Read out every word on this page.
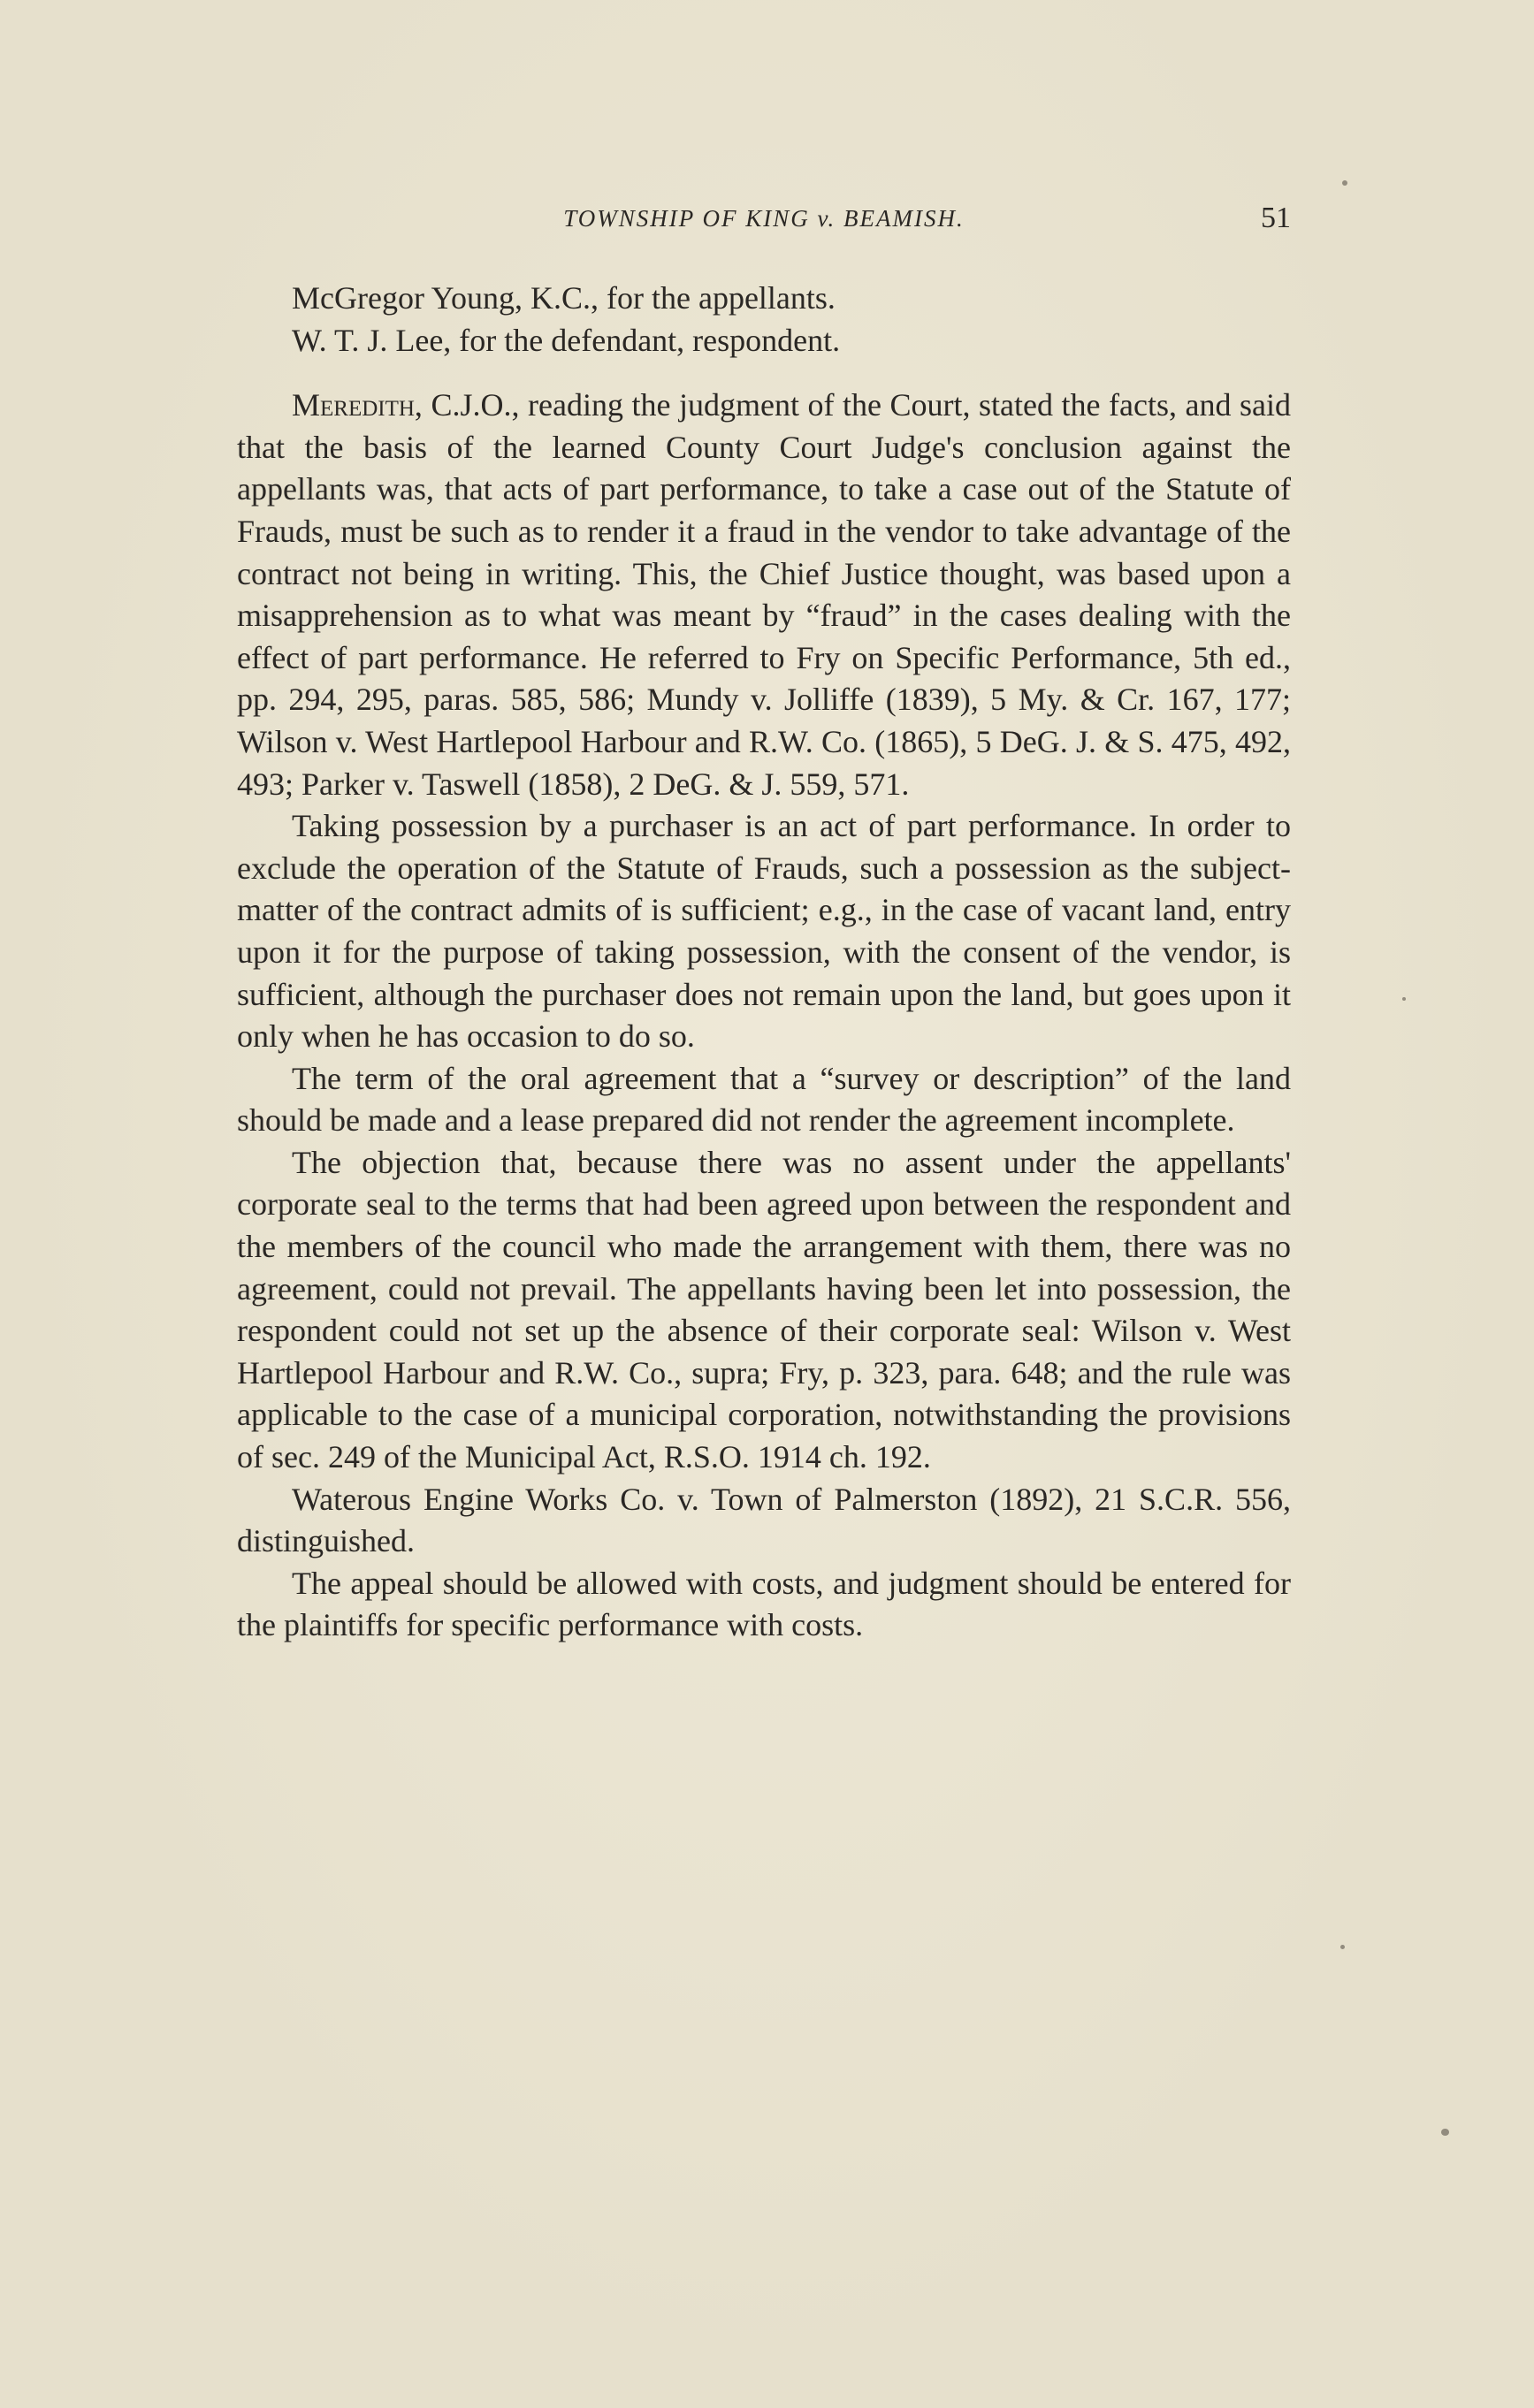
TOWNSHIP OF KING v. BEAMISH.	51

McGregor Young, K.C., for the appellants.

W. T. J. Lee, for the defendant, respondent.

Meredith, C.J.O., reading the judgment of the Court, stated the facts, and said that the basis of the learned County Court Judge's conclusion against the appellants was, that acts of part performance, to take a case out of the Statute of Frauds, must be such as to render it a fraud in the vendor to take advantage of the contract not being in writing. This, the Chief Justice thought, was based upon a misapprehension as to what was meant by “fraud” in the cases dealing with the effect of part performance. He referred to Fry on Specific Performance, 5th ed., pp. 294, 295, paras. 585, 586; Mundy v. Jolliffe (1839), 5 My. & Cr. 167, 177; Wilson v. West Hartlepool Harbour and R.W. Co. (1865), 5 DeG. J. & S. 475, 492, 493; Parker v. Taswell (1858), 2 DeG. & J. 559, 571.

Taking possession by a purchaser is an act of part performance. In order to exclude the operation of the Statute of Frauds, such a possession as the subject-matter of the contract admits of is sufficient; e.g., in the case of vacant land, entry upon it for the purpose of taking possession, with the consent of the vendor, is sufficient, although the purchaser does not remain upon the land, but goes upon it only when he has occasion to do so.

The term of the oral agreement that a “survey or description” of the land should be made and a lease prepared did not render the agreement incomplete.

The objection that, because there was no assent under the appellants' corporate seal to the terms that had been agreed upon between the respondent and the members of the council who made the arrangement with them, there was no agreement, could not prevail. The appellants having been let into possession, the respondent could not set up the absence of their corporate seal: Wilson v. West Hartlepool Harbour and R.W. Co., supra; Fry, p. 323, para. 648; and the rule was applicable to the case of a municipal corporation, notwithstanding the provisions of sec. 249 of the Municipal Act, R.S.O. 1914 ch. 192.

Waterous Engine Works Co. v. Town of Palmerston (1892), 21 S.C.R. 556, distinguished.

The appeal should be allowed with costs, and judgment should be entered for the plaintiffs for specific performance with costs.
